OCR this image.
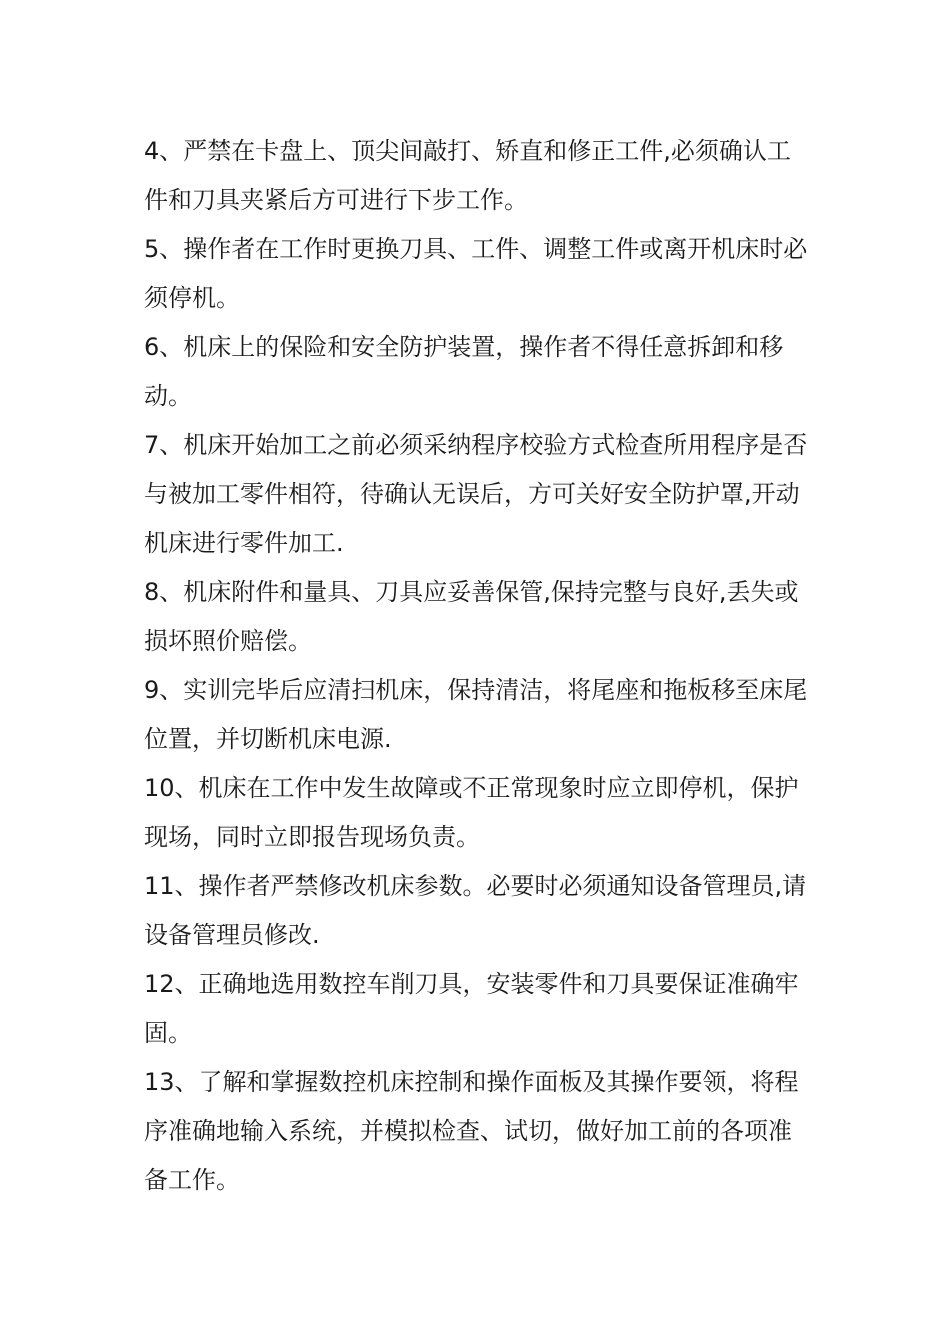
4、严禁在卡盘上、顶尖间敲打、矫直和修正工件,必须确认工件和刀具夹紧后方可进行下步工作。

5、操作者在工作时更换刀具、工件、调整工件或离开机床时必须停机。

6、机床上的保险和安全防护装置，操作者不得任意拆卸和移动。

7、机床开始加工之前必须采纳程序校验方式检查所用程序是否与被加工零件相符，待确认无误后，方可关好安全防护罩,开动机床进行零件加工.

8、机床附件和量具、刀具应妥善保管,保持完整与良好,丢失或损坏照价赔偿。

9、实训完毕后应清扫机床，保持清洁，将尾座和拖板移至床尾位置，并切断机床电源.

10、机床在工作中发生故障或不正常现象时应立即停机，保护现场，同时立即报告现场负责。

11、操作者严禁修改机床参数。必要时必须通知设备管理员,请设备管理员修改.

12、正确地选用数控车削刀具，安装零件和刀具要保证准确牢固。

13、了解和掌握数控机床控制和操作面板及其操作要领，将程序准确地输入系统，并模拟检查、试切，做好加工前的各项准备工作。
